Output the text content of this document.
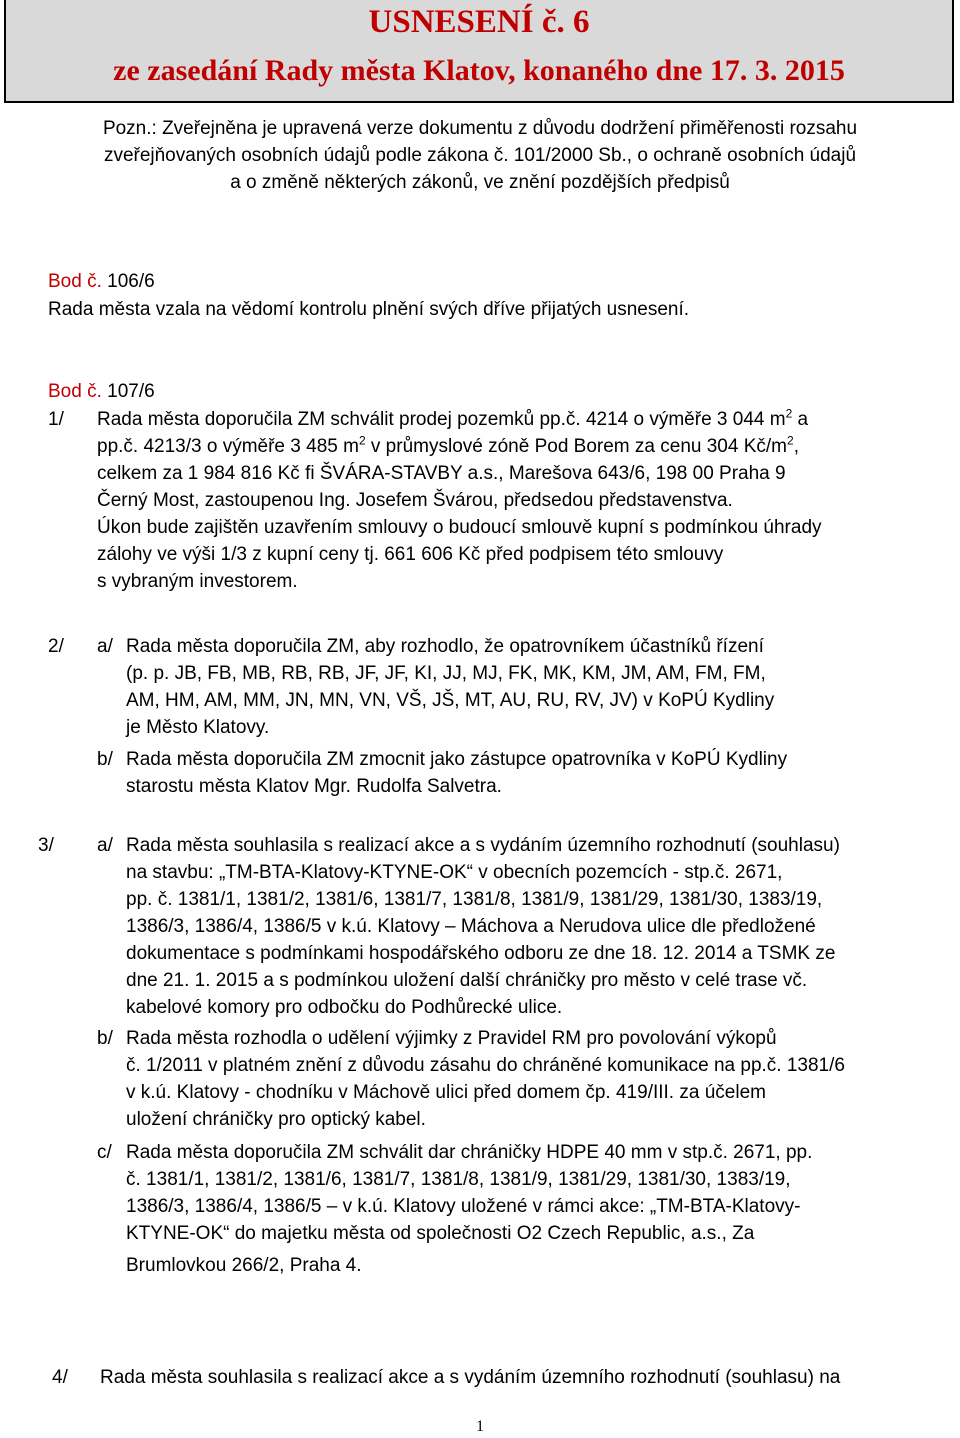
USNESENÍ č. 6
ze zasedání Rady města Klatov, konaného dne 17. 3. 2015
Pozn.: Zveřejněna je upravená verze dokumentu z důvodu dodržení přiměřenosti rozsahu
zveřejňovaných osobních údajů podle zákona č. 101/2000 Sb., o ochraně osobních údajů
a o změně některých zákonů, ve znění pozdějších předpisů
Bod č. 106/6
Rada města vzala na vědomí kontrolu plnění svých dříve přijatých usnesení.
Bod č. 107/6
1/ Rada města doporučila ZM schválit prodej pozemků pp.č. 4214 o výměře 3 044 $m^2$ a
pp.č. 4213/3 o výměře 3 485 $m^2$ v průmyslové zóně Pod Borem za cenu 304 $Kč/m^2$,
celkem za 1 984 816 Kč fi ŠVÁRA-STAVBY a.s., Marešova 643/6, 198 00 Praha 9
Černý Most, zastoupenou Ing. Josefem Švárou, předsedou představenstva.
Úkon bude zajištěn uzavřením smlouvy o budoucí smlouvě kupní s podmínkou úhrady
zálohy ve výši 1/3 z kupní ceny tj. 661 606 Kč před podpisem této smlouvy
s vybraným investorem.
2/ a/ Rada města doporučila ZM, aby rozhodlo, že opatrovníkem účastníků řízení
(p. p. JB, FB, MB, RB, RB, JF, JF, KI, JJ, MJ, FK, MK, KM, JM, AM, FM, FM,
AM, HM, AM, MM, JN, MN, VN, VŠ, JŠ, MT, AU, RU, RV, JV) v KoPÚ Kydliny
je Město Klatovy.
b/ Rada města doporučila ZM zmocnit jako zástupce opatrovníka v KoPÚ Kydliny
starostu města Klatov Mgr. Rudolfa Salvetra.
3/ a/ Rada města souhlasila s realizací akce a s vydáním územního rozhodnutí (souhlasu)
na stavbu: „TM-BTA-Klatovy-KTYNE-OK“ v obecních pozemcích - stp.č. 2671,
pp. č. 1381/1, 1381/2, 1381/6, 1381/7, 1381/8, 1381/9, 1381/29, 1381/30, 1383/19,
1386/3, 1386/4, 1386/5 v k.ú. Klatovy – Máchova a Nerudova ulice dle předložené
dokumentace s podmínkami hospodářského odboru ze dne 18. 12. 2014 a TSMK ze
dne 21. 1. 2015 a s podmínkou uložení další chráničky pro město v celé trase vč.
kabelové komory pro odbočku do Podhůrecké ulice.
b/ Rada města rozhodla o udělení výjimky z Pravidel RM pro povolování výkopů
č. 1/2011 v platném znění z důvodu zásahu do chráněné komunikace na pp.č. 1381/6
v k.ú. Klatovy - chodníku v Máchově ulici před domem čp. 419/III. za účelem
uložení chráničky pro optický kabel.
c/ Rada města doporučila ZM schválit dar chráničky HDPE 40 mm v stp.č. 2671, pp.
č. 1381/1, 1381/2, 1381/6, 1381/7, 1381/8, 1381/9, 1381/29, 1381/30, 1383/19,
1386/3, 1386/4, 1386/5 – v k.ú. Klatovy uložené v rámci akce: „TM-BTA-Klatovy-
KTYNE-OK“ do majetku města od společnosti O2 Czech Republic, a.s., Za
Brumlovkou 266/2, Praha 4.
4/ Rada města souhlasila s realizací akce a s vydáním územního rozhodnutí (souhlasu) na
1
